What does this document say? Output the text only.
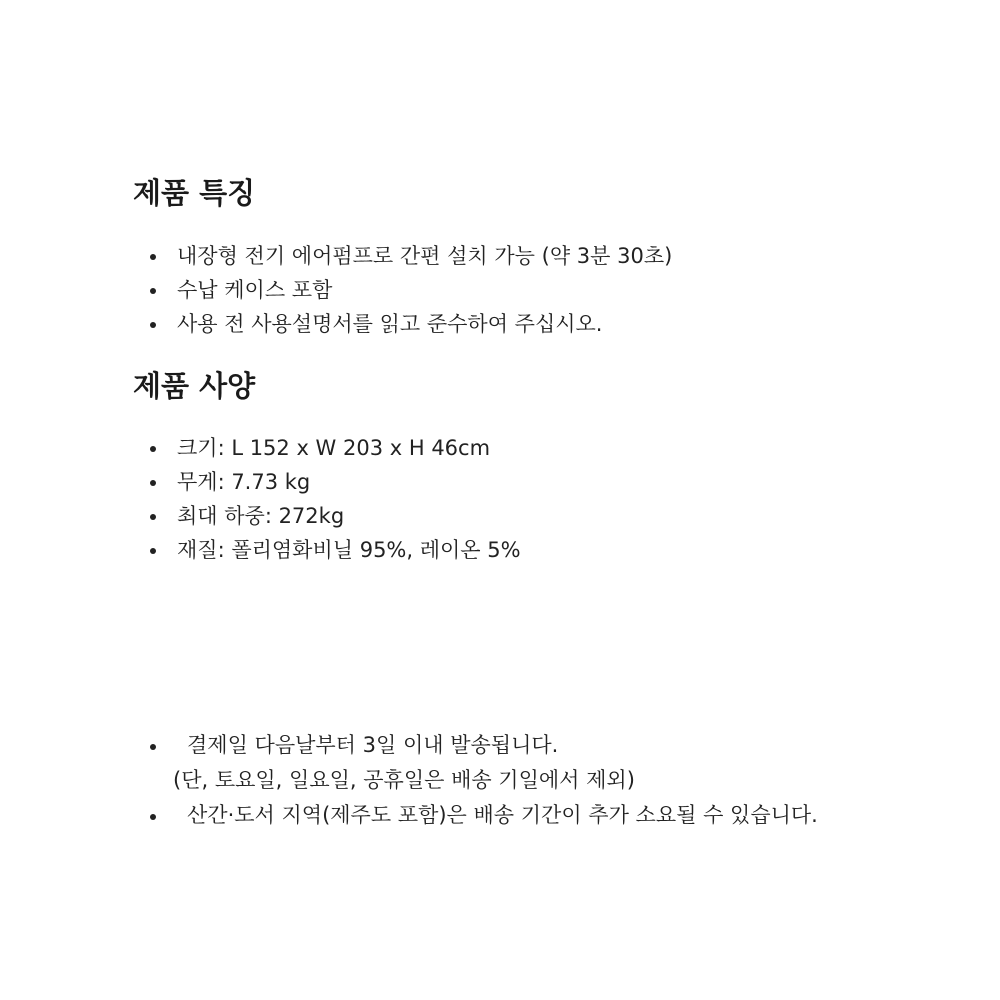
제품 특징
내장형 전기 에어펌프로 간편 설치 가능 (약 3분 30초)
수납 케이스 포함
사용 전 사용설명서를 읽고 준수하여 주십시오.
제품 사양
크기: L 152 x W 203 x H 46cm
무게: 7.73 kg
최대 하중: 272kg
재질: 폴리염화비닐 95%, 레이온 5%
결제일 다음날부터 3일 이내 발송됩니다.
(단, 토요일, 일요일, 공휴일은 배송 기일에서 제외)
산간·도서 지역(제주도 포함)은 배송 기간이 추가 소요될 수 있습니다.
